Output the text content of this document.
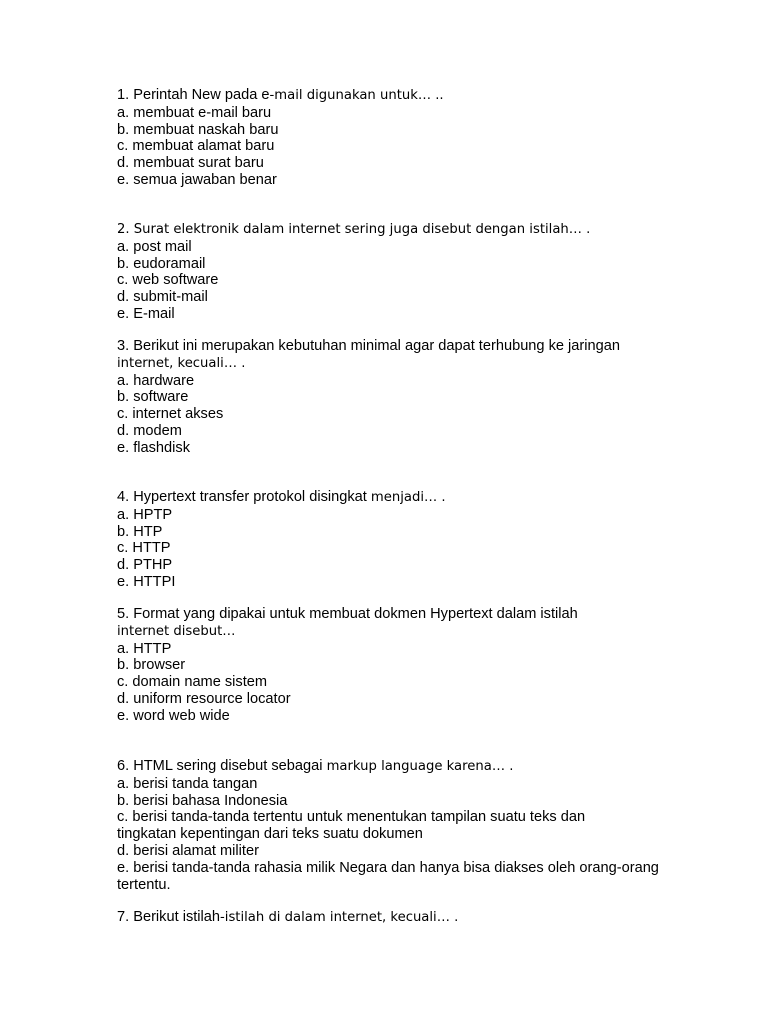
1. Perintah New pada e-mail digunakan untuk… ..
a. membuat e-mail baru
b. membuat naskah baru
c. membuat alamat baru
d. membuat surat baru
e. semua jawaban benar
2. Surat elektronik dalam internet sering juga disebut dengan istilah… .
a. post mail
b. eudoramail
c. web software
d. submit-mail
e. E-mail
3. Berikut ini merupakan kebutuhan minimal agar dapat terhubung ke jaringan
internet, kecuali… .
a. hardware
b. software
c. internet akses
d. modem
e. flashdisk
4. Hypertext transfer protokol disingkat menjadi… .
a. HPTP
b. HTP
c. HTTP
d. PTHP
e. HTTPI
5. Format yang dipakai untuk membuat dokmen Hypertext dalam istilah
internet disebut…
a. HTTP
b. browser
c. domain name sistem
d. uniform resource locator
e. word web wide
6. HTML sering disebut sebagai markup language karena… .
a. berisi tanda tangan
b. berisi bahasa Indonesia
c. berisi tanda-tanda tertentu untuk menentukan tampilan suatu teks dan tingkatan kepentingan dari teks suatu dokumen
d. berisi alamat militer
e. berisi tanda-tanda rahasia milik Negara dan hanya bisa diakses oleh orang-orang tertentu.
7. Berikut istilah-istilah di dalam internet, kecuali… .
